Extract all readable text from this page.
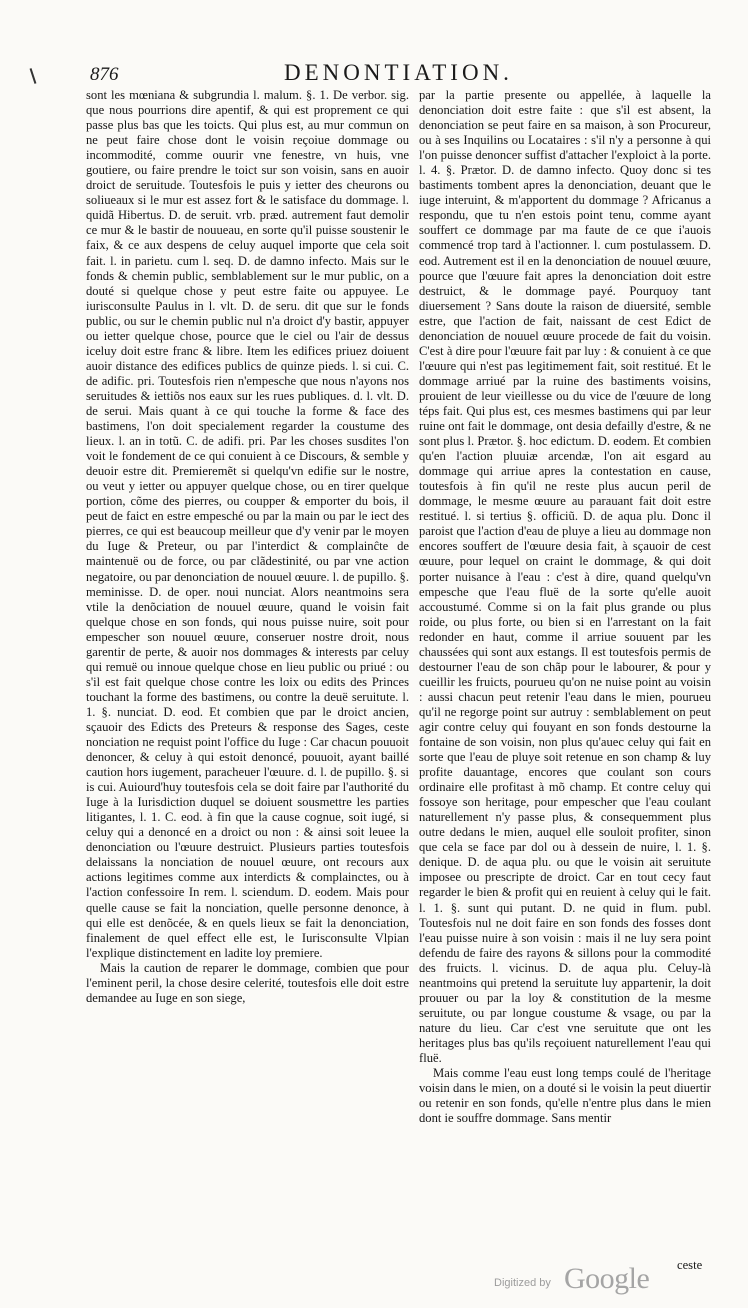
876	DENONTIATION.

sont les mœniana & subgrundia l. malum. §. 1. De verbor. sig. que nous pourrions dire apentif, & qui est proprement ce qui passe plus bas que les toicts. Qui plus est, au mur commun on ne peut faire chose dont le voisin reçoiue dommage ou incommodité, comme ouurir vne fenestre, vn huis, vne goutiere, ou faire prendre le toict sur son voisin, sans en auoir droict de seruitude. Toutesfois le puis y ietter des cheurons ou soliueaux si le mur est assez fort & le satisface du dommage. l. quidã Hibertus. D. de seruit. vrb. præd. autrement faut demolir ce mur & le bastir de nouueau, en sorte qu'il puisse soustenir le faix, & ce aux despens de celuy auquel importe que cela soit fait. l. in parietu. cum l. seq. D. de damno infecto. Mais sur le fonds & chemin public, semblablement sur le mur public, on a douté si quelque chose y peut estre faite ou appuyee. Le iurisconsulte Paulus in l. vlt. D. de seru. dit que sur le fonds public, ou sur le chemin public nul n'a droict d'y bastir, appuyer ou ietter quelque chose, pource que le ciel ou l'air de dessus iceluy doit estre franc & libre. Item les edifices priuez doiuent auoir distance des edifices publics de quinze pieds. l. si cui. C. de adific. pri. Toutesfois rien n'empesche que nous n'ayons nos seruitudes & iettiõs nos eaux sur les rues publiques. d. l. vlt. D. de serui. Mais quant à ce qui touche la forme & face des bastimens, l'on doit specialement regarder la coustume des lieux. l. an in totũ. C. de adifi. pri. Par les choses susdites l'on voit le fondement de ce qui conuient à ce Discours, & semble y deuoir estre dit. Premieremẽt si quelqu'vn edifie sur le nostre, ou veut y ietter ou appuyer quelque chose, ou en tirer quelque portion, cõme des pierres, ou coupper & emporter du bois, il peut de faict en estre empesché ou par la main ou par le iect des pierres, ce qui est beaucoup meilleur que d'y venir par le moyen du Iuge & Preteur, ou par l'interdict & complainĉte de maintenuë ou de force, ou par clãdestinité, ou par vne action negatoire, ou par denonciation de nouuel œuure. l. de pupillo. §. meminisse. D. de oper. noui nunciat. Alors neantmoins sera vtile la denõciation de nouuel œuure, quand le voisin fait quelque chose en son fonds, qui nous puisse nuire, soit pour empescher son nouuel œuure, conseruer nostre droit, nous garentir de perte, & auoir nos dommages & interests par celuy qui remuë ou innoue quelque chose en lieu public ou priué : ou s'il est fait quelque chose contre les loix ou edits des Princes touchant la forme des bastimens, ou contre la deuë seruitute. l. 1. §. nunciat. D. eod. Et combien que par le droict ancien, sçauoir des Edicts des Preteurs & response des Sages, ceste nonciation ne requist point l'office du Iuge : Car chacun pouuoit denoncer, & celuy à qui estoit denoncé, pouuoit, ayant baillé caution hors iugement, paracheuer l'œuure. d. l. de pupillo. §. si is cui. Auiourd'huy toutesfois cela se doit faire par l'authorité du Iuge à la Iurisdiction duquel se doiuent sousmettre les parties litigantes, l. 1. C. eod. à fin que la cause cognue, soit iugé, si celuy qui a denoncé en a droict ou non : & ainsi soit leuee la denonciation ou l'œuure destruict. Plusieurs parties toutesfois delaissans la nonciation de nouuel œuure, ont recours aux actions legitimes comme aux interdicts & complainctes, ou à l'action confessoire In rem. l. sciendum. D. eodem. Mais pour quelle cause se fait la nonciation, quelle personne denonce, à qui elle est denõcée, & en quels lieux se fait la denonciation, finalement de quel effect elle est, le Iurisconsulte Vlpian l'explique distinctement en ladite loy premiere.

Mais la caution de reparer le dommage, combien que pour l'eminent peril, la chose desire celerité, toutesfois elle doit estre demandee au Iuge en son siege,

par la partie presente ou appellée, à laquelle la denonciation doit estre faite : que s'il est absent, la denonciation se peut faire en sa maison, à son Procureur, ou à ses Inquilins ou Locataires : s'il n'y a personne à qui l'on puisse denoncer suffist d'attacher l'exploict à la porte. l. 4. §. Prætor. D. de damno infecto. Quoy donc si tes bastiments tombent apres la denonciation, deuant que le iuge interuint, & m'apportent du dommage ? Africanus a respondu, que tu n'en estois point tenu, comme ayant souffert ce dommage par ma faute de ce que i'auois commencé trop tard à l'actionner. l. cum postulassem. D. eod. Autrement est il en la denonciation de nouuel œuure, pource que l'œuure fait apres la denonciation doit estre destruict, & le dommage payé. Pourquoy tant diuersement ? Sans doute la raison de diuersité, semble estre, que l'action de fait, naissant de cest Edict de denonciation de nouuel œuure procede de fait du voisin. C'est à dire pour l'œuure fait par luy : & conuient à ce que l'œuure qui n'est pas legitimement fait, soit restitué. Et le dommage arriué par la ruine des bastiments voisins, prouient de leur vieillesse ou du vice de l'œuure de long téps fait. Qui plus est, ces mesmes bastimens qui par leur ruine ont fait le dommage, ont desia defailly d'estre, & ne sont plus l. Prætor. §. hoc edictum. D. eodem. Et combien qu'en l'action pluuiæ arcendæ, l'on ait esgard au dommage qui arriue apres la contestation en cause, toutesfois à fin qu'il ne reste plus aucun peril de dommage, le mesme œuure au parauant fait doit estre restitué. l. si tertius §. officiũ. D. de aqua plu. Donc il paroist que l'action d'eau de pluye a lieu au dommage non encores souffert de l'œuure desia fait, à sçauoir de cest œuure, pour lequel on craint le dommage, & qui doit porter nuisance à l'eau : c'est à dire, quand quelqu'vn empesche que l'eau fluë de la sorte qu'elle auoit accoustumé. Comme si on la fait plus grande ou plus roide, ou plus forte, ou bien si en l'arrestant on la fait redonder en haut, comme il arriue souuent par les chaussées qui sont aux estangs. Il est toutesfois permis de destourner l'eau de son chãp pour le labourer, & pour y cueillir les fruicts, pourueu qu'on ne nuise point au voisin : aussi chacun peut retenir l'eau dans le mien, pourueu qu'il ne regorge point sur autruy : semblablement on peut agir contre celuy qui fouyant en son fonds destourne la fontaine de son voisin, non plus qu'auec celuy qui fait en sorte que l'eau de pluye soit retenue en son champ & luy profite dauantage, encores que coulant son cours ordinaire elle profitast à mõ champ. Et contre celuy qui fossoye son heritage, pour empescher que l'eau coulant naturellement n'y passe plus, & consequemment plus outre dedans le mien, auquel elle souloit profiter, sinon que cela se face par dol ou à dessein de nuire, l. 1. §. denique. D. de aqua plu. ou que le voisin ait seruitute imposee ou prescripte de droict. Car en tout cecy faut regarder le bien & profit qui en reuient à celuy qui le fait. l. 1. §. sunt qui putant. D. ne quid in flum. publ. Toutesfois nul ne doit faire en son fonds des fosses dont l'eau puisse nuire à son voisin : mais il ne luy sera point defendu de faire des rayons & sillons pour la commodité des fruicts. l. vicinus. D. de aqua plu. Celuy-là neantmoins qui pretend la seruitute luy appartenir, la doit prouuer ou par la loy & constitution de la mesme seruitute, ou par longue coustume & vsage, ou par la nature du lieu. Car c'est vne seruitute que ont les heritages plus bas qu'ils reçoiuent naturellement l'eau qui fluë.

Mais comme l'eau eust long temps coulé de l'heritage voisin dans le mien, on a douté si le voisin la peut diuertir ou retenir en son fonds, qu'elle n'entre plus dans le mien dont ie souffre dommage. Sans mentir

ceste
Digitized by Google
